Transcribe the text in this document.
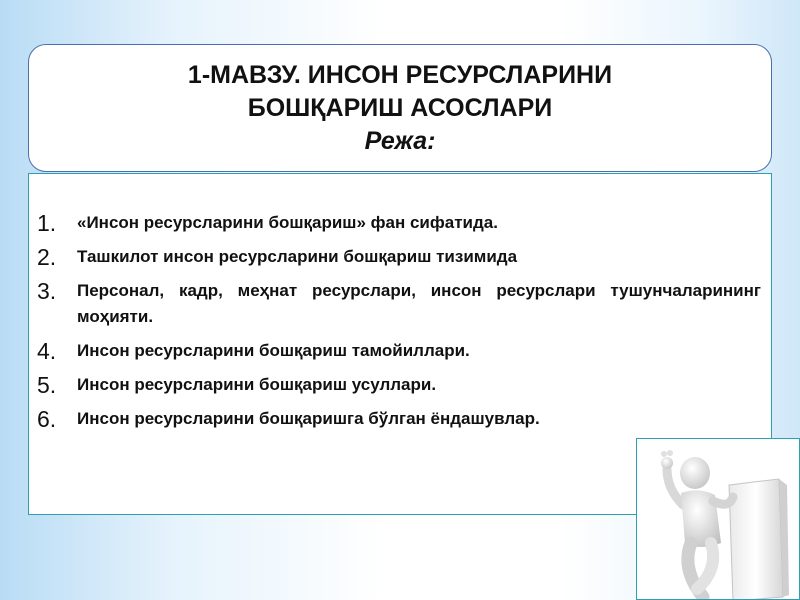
1-МАВЗУ. ИНСОН РЕСУРСЛАРИНИ
БОШҚАРИШ АСОСЛАРИ
Режа:
1.	«Инсон ресурсларини бошқариш» фан сифатида.
2.	Ташкилот инсон ресурсларини бошқариш тизимида
3.	Персонал, кадр, меҳнат ресурслари, инсон ресурслари тушунчаларининг моҳияти.
4.	Инсон ресурсларини бошқариш тамойиллари.
5.	Инсон ресурсларини бошқариш усуллари.
6.	Инсон ресурсларини бошқаришга бўлган ёндашувлар.
